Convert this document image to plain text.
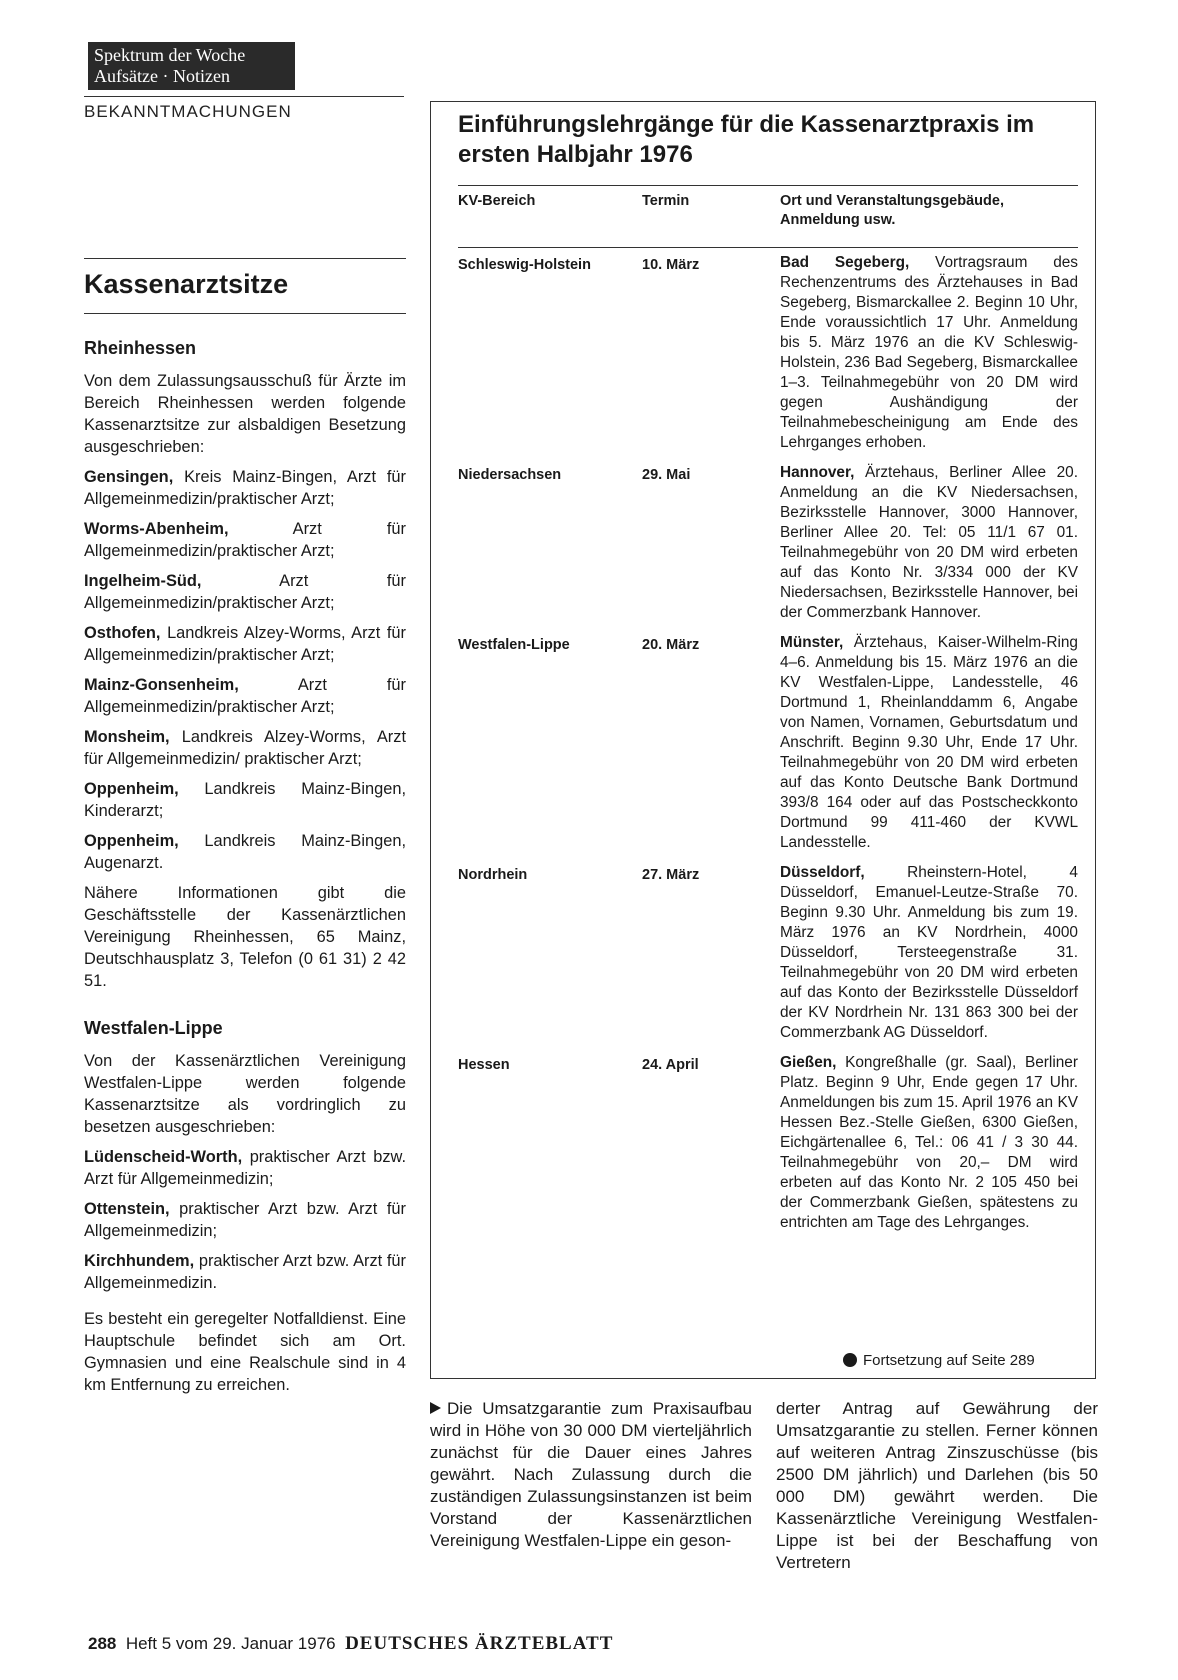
Spektrum der Woche
Aufsätze · Notizen
BEKANNTMACHUNGEN
Kassenarztsitze
Rheinhessen

Von dem Zulassungsausschuß für Ärzte im Bereich Rheinhessen werden folgende Kassenarztsitze zur alsbaldigen Besetzung ausgeschrieben:

Gensingen, Kreis Mainz-Bingen, Arzt für Allgemeinmedizin/praktischer Arzt;

Worms-Abenheim, Arzt für Allgemeinmedizin/praktischer Arzt;

Ingelheim-Süd, Arzt für Allgemeinmedizin/praktischer Arzt;

Osthofen, Landkreis Alzey-Worms, Arzt für Allgemeinmedizin/praktischer Arzt;

Mainz-Gonsenheim, Arzt für Allgemeinmedizin/praktischer Arzt;

Monsheim, Landkreis Alzey-Worms, Arzt für Allgemeinmedizin/ praktischer Arzt;

Oppenheim, Landkreis Mainz-Bingen, Kinderarzt;

Oppenheim, Landkreis Mainz-Bingen, Augenarzt.

Nähere Informationen gibt die Geschäftsstelle der Kassenärztlichen Vereinigung Rheinhessen, 65 Mainz, Deutschhausplatz 3, Telefon (0 61 31) 2 42 51.

Westfalen-Lippe

Von der Kassenärztlichen Vereinigung Westfalen-Lippe werden folgende Kassenarztsitze als vordringlich zu besetzen ausgeschrieben:

Lüdenscheid-Worth, praktischer Arzt bzw. Arzt für Allgemeinmedizin;

Ottenstein, praktischer Arzt bzw. Arzt für Allgemeinmedizin;

Kirchhundem, praktischer Arzt bzw. Arzt für Allgemeinmedizin.

Es besteht ein geregelter Notfalldienst. Eine Hauptschule befindet sich am Ort. Gymnasien und eine Realschule sind in 4 km Entfernung zu erreichen.

Einführungslehrgänge für die Kassenarztpraxis im ersten Halbjahr 1976
KV-Bereich	Termin	Ort und Veranstaltungsgebäude, Anmeldung usw.
Schleswig-Holstein	10. März	Bad Segeberg, Vortragsraum des Rechenzentrums des Ärztehauses in Bad Segeberg, Bismarckallee 2. Beginn 10 Uhr, Ende voraussichtlich 17 Uhr. Anmeldung bis 5. März 1976 an die KV Schleswig-Holstein, 236 Bad Segeberg, Bismarckallee 1–3. Teilnahmegebühr von 20 DM wird gegen Aushändigung der Teilnahmebescheinigung am Ende des Lehrganges erhoben.
Niedersachsen	29. Mai	Hannover, Ärztehaus, Berliner Allee 20. Anmeldung an die KV Niedersachsen, Bezirksstelle Hannover, 3000 Hannover, Berliner Allee 20. Tel: 05 11/1 67 01. Teilnahmegebühr von 20 DM wird erbeten auf das Konto Nr. 3/334 000 der KV Niedersachsen, Bezirksstelle Hannover, bei der Commerzbank Hannover.
Westfalen-Lippe	20. März	Münster, Ärztehaus, Kaiser-Wilhelm-Ring 4–6. Anmeldung bis 15. März 1976 an die KV Westfalen-Lippe, Landesstelle, 46 Dortmund 1, Rheinlanddamm 6, Angabe von Namen, Vornamen, Geburtsdatum und Anschrift. Beginn 9.30 Uhr, Ende 17 Uhr. Teilnahmegebühr von 20 DM wird erbeten auf das Konto Deutsche Bank Dortmund 393/8 164 oder auf das Postscheckkonto Dortmund 99 411-460 der KVWL Landesstelle.
Nordrhein	27. März	Düsseldorf, Rheinstern-Hotel, 4 Düsseldorf, Emanuel-Leutze-Straße 70. Beginn 9.30 Uhr. Anmeldung bis zum 19. März 1976 an KV Nordrhein, 4000 Düsseldorf, Tersteegenstraße 31. Teilnahmegebühr von 20 DM wird erbeten auf das Konto der Bezirksstelle Düsseldorf der KV Nordrhein Nr. 131 863 300 bei der Commerzbank AG Düsseldorf.
Hessen	24. April	Gießen, Kongreßhalle (gr. Saal), Berliner Platz. Beginn 9 Uhr, Ende gegen 17 Uhr. Anmeldungen bis zum 15. April 1976 an KV Hessen Bez.-Stelle Gießen, 6300 Gießen, Eichgärtenallee 6, Tel.: 06 41 / 3 30 44. Teilnahmegebühr von 20,– DM wird erbeten auf das Konto Nr. 2 105 450 bei der Commerzbank Gießen, spätestens zu entrichten am Tage des Lehrganges.
Fortsetzung auf Seite 289
Die Umsatzgarantie zum Praxisaufbau wird in Höhe von 30 000 DM vierteljährlich zunächst für die Dauer eines Jahres gewährt. Nach Zulassung durch die zuständigen Zulassungsinstanzen ist beim Vorstand der Kassenärztlichen Vereinigung Westfalen-Lippe ein geson-
derter Antrag auf Gewährung der Umsatzgarantie zu stellen. Ferner können auf weiteren Antrag Zinszuschüsse (bis 2500 DM jährlich) und Darlehen (bis 50 000 DM) gewährt werden. Die Kassenärztliche Vereinigung Westfalen-Lippe ist bei der Beschaffung von Vertretern
288 Heft 5 vom 29. Januar 1976 DEUTSCHES ÄRZTEBLATT
